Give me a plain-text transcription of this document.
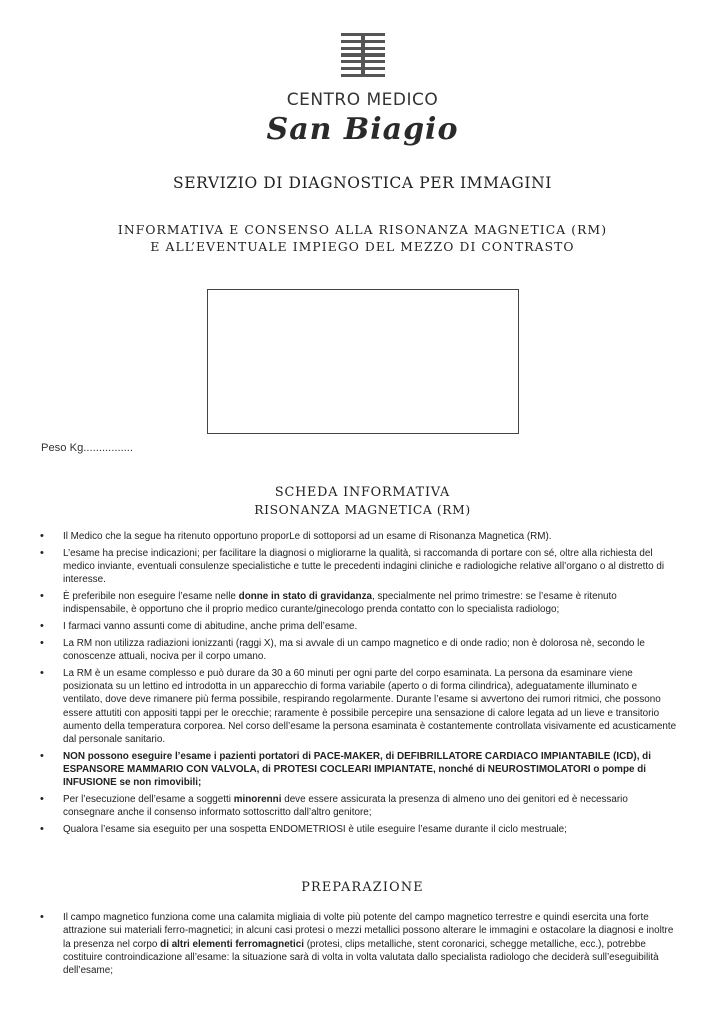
CENTRO MEDICO
San Biagio
SERVIZIO DI DIAGNOSTICA PER IMMAGINI
INFORMATIVA E CONSENSO ALLA RISONANZA MAGNETICA (RM)
E ALL’EVENTUALE IMPIEGO DEL MEZZO DI CONTRASTO
Peso Kg................
SCHEDA INFORMATIVA
RISONANZA MAGNETICA (RM)
• Il Medico che la segue ha ritenuto opportuno proporLe di sottoporsi ad un esame di Risonanza Magnetica (RM).
• L’esame ha precise indicazioni; per facilitare la diagnosi o migliorarne la qualità, si raccomanda di portare con sé, oltre alla richiesta del medico inviante, eventuali consulenze specialistiche e tutte le precedenti indagini cliniche e radiologiche relative all’organo o al distretto di interesse.
• È preferibile non eseguire l’esame nelle donne in stato di gravidanza, specialmente nel primo trimestre: se l’esame è ritenuto indispensabile, è opportuno che il proprio medico curante/ginecologo prenda contatto con lo specialista radiologo;
• I farmaci vanno assunti come di abitudine, anche prima dell’esame.
• La RM non utilizza radiazioni ionizzanti (raggi X), ma si avvale di un campo magnetico e di onde radio; non è dolorosa nè, secondo le conoscenze attuali, nociva per il corpo umano.
• La RM è un esame complesso e può durare da 30 a 60 minuti per ogni parte del corpo esaminata. La persona da esaminare viene posizionata su un lettino ed introdotta in un apparecchio di forma variabile (aperto o di forma cilindrica), adeguatamente illuminato e ventilato, dove deve rimanere più ferma possibile, respirando regolarmente. Durante l’esame si avvertono dei rumori ritmici, che possono essere attutiti con appositi tappi per le orecchie; raramente è possibile percepire una sensazione di calore legata ad un lieve e transitorio aumento della temperatura corporea. Nel corso dell’esame la persona esaminata è costantemente controllata visivamente ed acusticamente dal personale sanitario.
• NON possono eseguire l’esame i pazienti portatori di PACE-MAKER, di DEFIBRILLATORE CARDIACO IMPIANTABILE (ICD), di ESPANSORE MAMMARIO CON VALVOLA, di PROTESI COCLEARI IMPIANTATE, nonché di NEUROSTIMOLATORI o pompe di INFUSIONE se non rimovibili;
• Per l’esecuzione dell’esame a soggetti minorenni deve essere assicurata la presenza di almeno uno dei genitori ed è necessario consegnare anche il consenso informato sottoscritto dall’altro genitore;
• Qualora l’esame sia eseguito per una sospetta ENDOMETRIOSI è utile eseguire l’esame durante il ciclo mestruale;
PREPARAZIONE
• Il campo magnetico funziona come una calamita migliaia di volte più potente del campo magnetico terrestre e quindi esercita una forte attrazione sui materiali ferro-magnetici; in alcuni casi protesi o mezzi metallici possono alterare le immagini e ostacolare la diagnosi e inoltre la presenza nel corpo di altri elementi ferromagnetici (protesi, clips metalliche, stent coronarici, schegge metalliche, ecc.), potrebbe costituire controindicazione all’esame: la situazione sarà di volta in volta valutata dallo specialista radiologo che deciderà sull’eseguibilità dell’esame;
